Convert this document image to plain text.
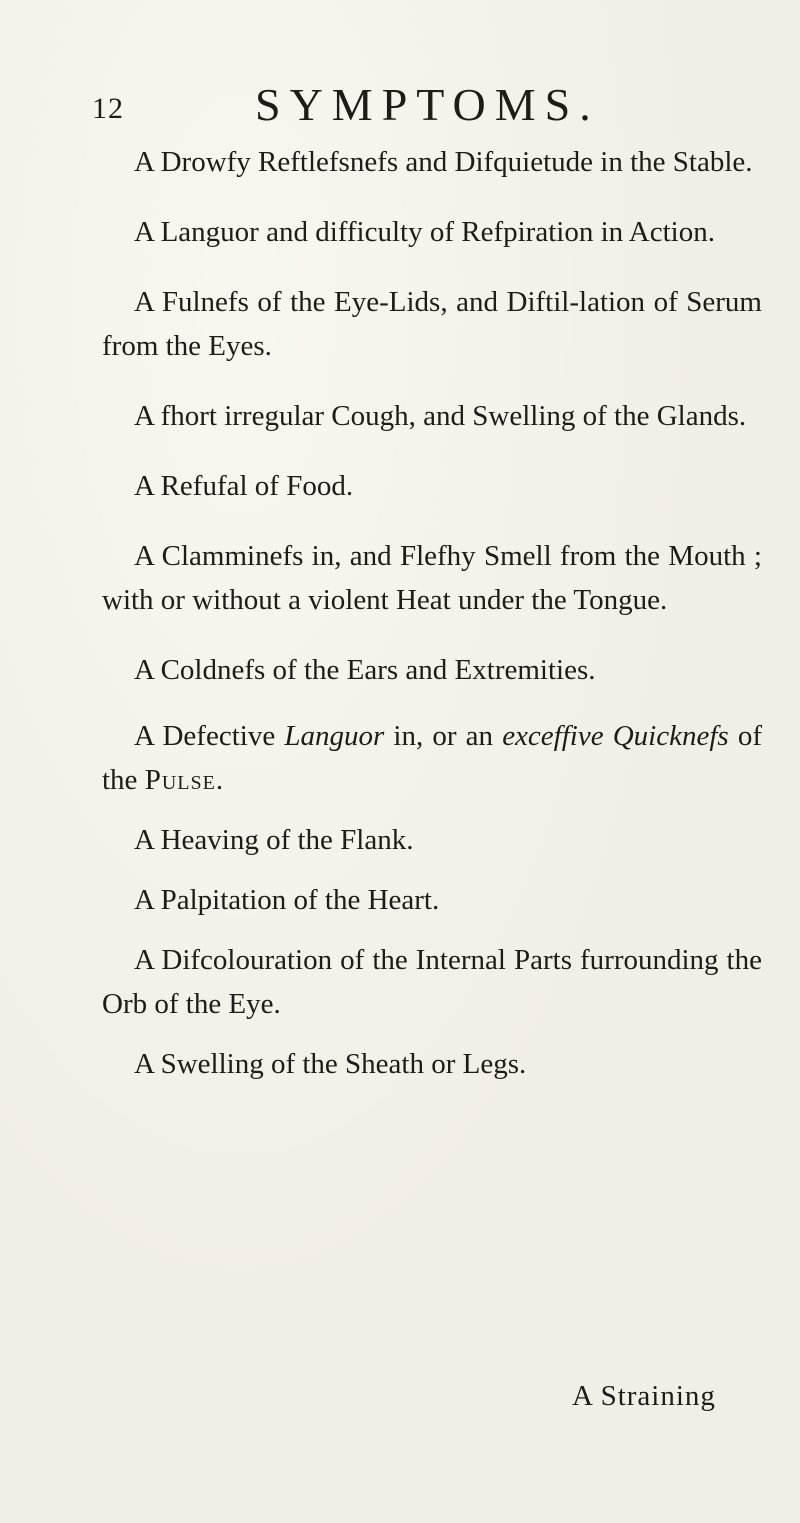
12	SYMPTOMS.

A Drowfy Reftlefsnefs and Difquietude in the Stable.

A Languor and difficulty of Refpiration in Action.

A Fulnefs of the Eye-Lids, and Diftil-lation of Serum from the Eyes.

A fhort irregular Cough, and Swelling of the Glands.

A Refufal of Food.

A Clamminefs in, and Flefhy Smell from the Mouth ; with or without a violent Heat under the Tongue.

A Coldnefs of the Ears and Extremities.

A Defective Languor in, or an exceffive Quicknefs of the Pulse.

A Heaving of the Flank.

A Palpitation of the Heart.

A Difcolouration of the Internal Parts furrounding the Orb of the Eye.

A Swelling of the Sheath or Legs.

A Straining
